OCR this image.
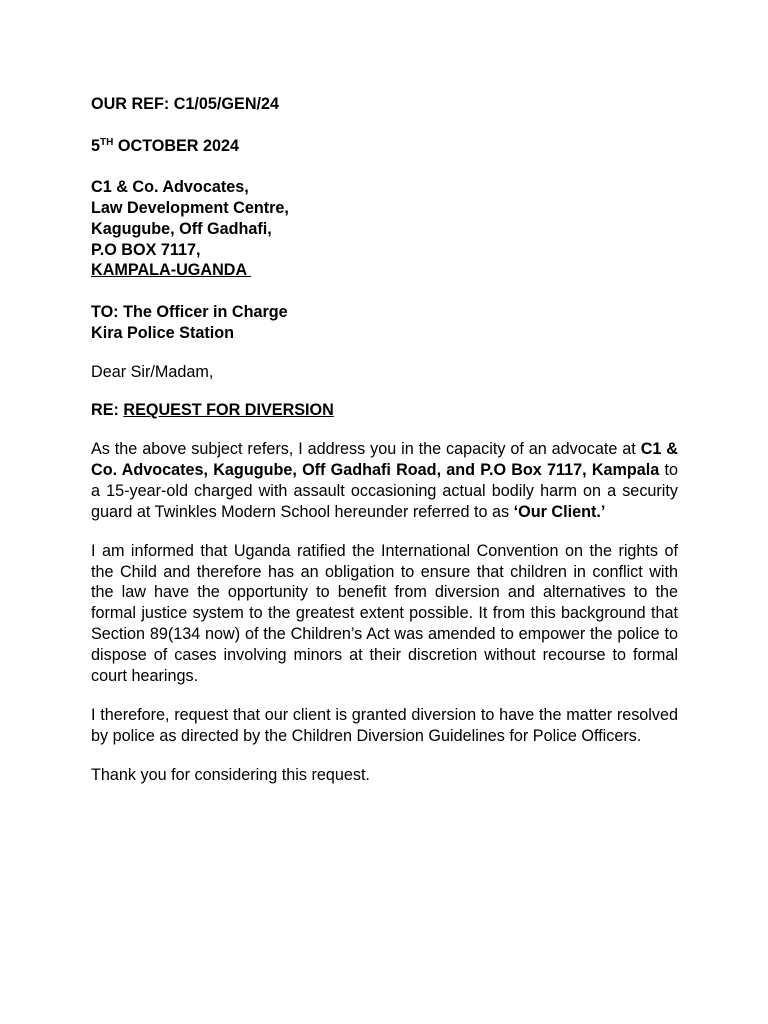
OUR REF: C1/05/GEN/24

5TH OCTOBER 2024

C1 & Co. Advocates,

Law Development Centre,

Kagugube, Off Gadhafi,

P.O BOX 7117,

KAMPALA-UGANDA

TO: The Officer in Charge

Kira Police Station

Dear Sir/Madam,

RE: REQUEST FOR DIVERSION

As the above subject refers, I address you in the capacity of an advocate at C1 & Co. Advocates, Kagugube, Off Gadhafi Road, and P.O Box 7117, Kampala to a 15-year-old charged with assault occasioning actual bodily harm on a security guard at Twinkles Modern School hereunder referred to as ‘Our Client.’

I am informed that Uganda ratified the International Convention on the rights of the Child and therefore has an obligation to ensure that children in conflict with the law have the opportunity to benefit from diversion and alternatives to the formal justice system to the greatest extent possible. It from this background that Section 89(134 now) of the Children’s Act was amended to empower the police to dispose of cases involving minors at their discretion without recourse to formal court hearings.

I therefore, request that our client is granted diversion to have the matter resolved by police as directed by the Children Diversion Guidelines for Police Officers.

Thank you for considering this request.
